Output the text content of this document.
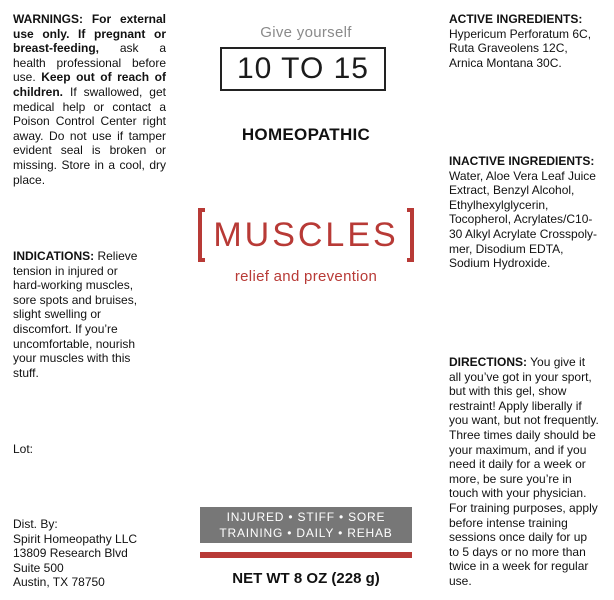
WARNINGS: For external use only. If pregnant or breast-feeding, ask a health professional before use. Keep out of reach of children. If swallowed, get medical help or contact a Poison Control Center right away. Do not use if tamper evident seal is broken or missing. Store in a cool, dry place.
INDICATIONS: Relieve
tension in injured or
hard-working muscles,
sore spots and bruises,
slight swelling or
discomfort. If you’re
uncomfortable, nourish
your muscles with this
stuff.
Lot:
Dist. By:
Spirit Homeopathy LLC
13809 Research Blvd
Suite 500
Austin, TX 78750
Give yourself
10 TO 15
HOMEOPATHIC
MUSCLES
relief and prevention
INJURED • STIFF • SORE
TRAINING • DAILY • REHAB
NET WT 8 OZ (228 g)
ACTIVE INGREDIENTS:
Hypericum Perforatum 6C,
Ruta Graveolens 12C,
Arnica Montana 30C.
INACTIVE INGREDIENTS:
Water, Aloe Vera Leaf Juice
Extract, Benzyl Alcohol,
Ethylhexylglycerin,
Tocopherol, Acrylates/C10-
30 Alkyl Acrylate Crosspoly-
mer, Disodium EDTA,
Sodium Hydroxide.
DIRECTIONS: You give it
all you’ve got in your sport,
but with this gel, show
restraint! Apply liberally if
you want, but not frequently.
Three times daily should be
your maximum, and if you
need it daily for a week or
more, be sure you’re in
touch with your physician.
For training purposes, apply
before intense training
sessions once daily for up
to 5 days or no more than
twice in a week for regular
use.
